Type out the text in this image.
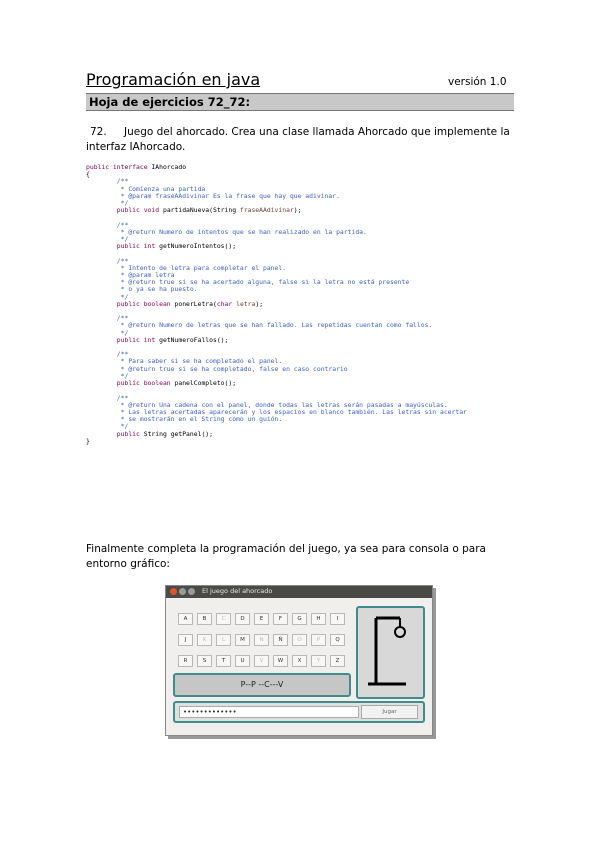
Programación en java	versión 1.0
Hoja de ejercicios 72_72:
72. Juego del ahorcado. Crea una clase llamada Ahorcado que implemente la interfaz IAhorcado.
public interface IAhorcado
{
/**
* Comienza una partida
* @param fraseAAdivinar Es la frase que hay que adivinar.
*/
public void partidaNueva(String fraseAAdivinar);

/**
* @return Numero de intentos que se han realizado en la partida.
*/
public int getNumeroIntentos();

/**
* Intento de letra para completar el panel.
* @param letra
* @return true si se ha acertado alguna, false si la letra no está presente
* o ya se ha puesto.
*/
public boolean ponerLetra(char letra);

/**
* @return Numero de letras que se han fallado. Las repetidas cuentan como fallos.
*/
public int getNumeroFallos();

/**
* Para saber si se ha completado el panel.
* @return true si se ha completado, false en caso contrario
*/
public boolean panelCompleto();

/**
* @return Una cadena con el panel, donde todas las letras serán pasadas a mayúsculas.
* Las letras acertadas aparecerán y los espacios en blanco también. Las letras sin acertar
* se mostrarán en el String como un guión.
*/
public String getPanel();
}
Finalmente completa la programación del juego, ya sea para consola o para entorno gráfico:
El juego del ahorcado
A	B	C	D	E	F	G	H	I
J	K	L	M	N	Ñ	O	P	Q
R	S	T	U	V	W	X	Y	Z
P--P --C---V
•••••••••••••	Jugar
